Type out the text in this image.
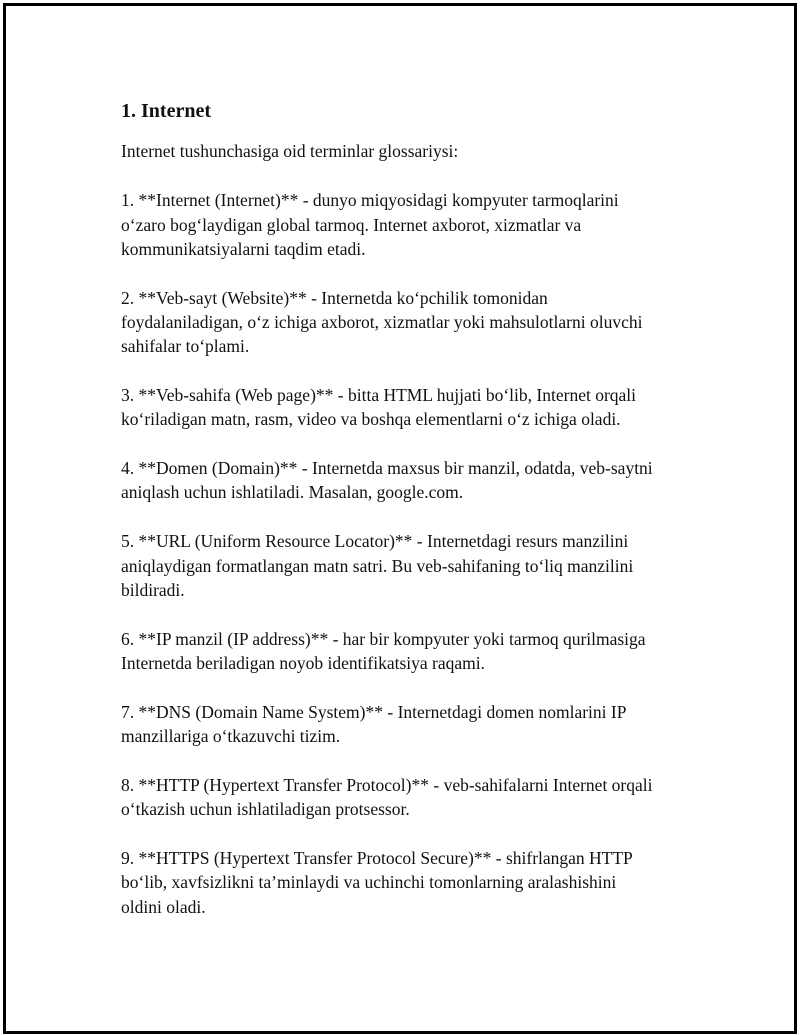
1. Internet
Internet tushunchasiga oid terminlar glossariysi:
1. **Internet (Internet)** - dunyo miqyosidagi kompyuter tarmoqlarini
o‘zaro bog‘laydigan global tarmoq. Internet axborot, xizmatlar va
kommunikatsiyalarni taqdim etadi.
2. **Veb-sayt (Website)** - Internetda ko‘pchilik tomonidan
foydalaniladigan, o‘z ichiga axborot, xizmatlar yoki mahsulotlarni oluvchi
sahifalar to‘plami.
3. **Veb-sahifa (Web page)** - bitta HTML hujjati bo‘lib, Internet orqali
ko‘riladigan matn, rasm, video va boshqa elementlarni o‘z ichiga oladi.
4. **Domen (Domain)** - Internetda maxsus bir manzil, odatda, veb-saytni
aniqlash uchun ishlatiladi. Masalan, google.com.
5. **URL (Uniform Resource Locator)** - Internetdagi resurs manzilini
aniqlaydigan formatlangan matn satri. Bu veb-sahifaning to‘liq manzilini
bildiradi.
6. **IP manzil (IP address)** - har bir kompyuter yoki tarmoq qurilmasiga
Internetda beriladigan noyob identifikatsiya raqami.
7. **DNS (Domain Name System)** - Internetdagi domen nomlarini IP
manzillariga o‘tkazuvchi tizim.
8. **HTTP (Hypertext Transfer Protocol)** - veb-sahifalarni Internet orqali
o‘tkazish uchun ishlatiladigan protsessor.
9. **HTTPS (Hypertext Transfer Protocol Secure)** - shifrlangan HTTP
bo‘lib, xavfsizlikni ta’minlaydi va uchinchi tomonlarning aralashishini
oldini oladi.
